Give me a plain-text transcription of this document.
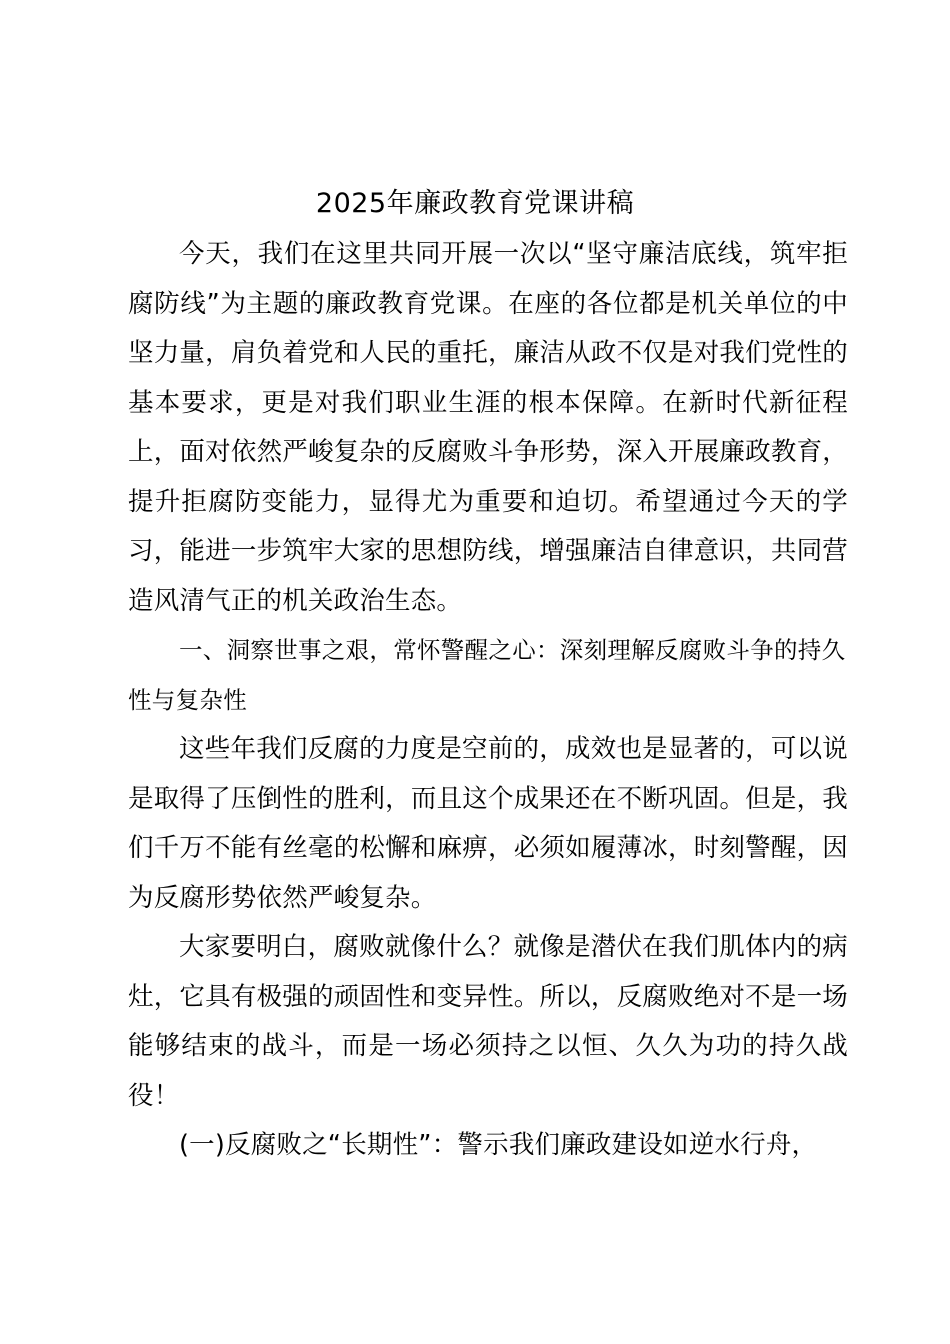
2025年廉政教育党课讲稿

今天，我们在这里共同开展一次以“坚守廉洁底线，筑牢拒腐防线”为主题的廉政教育党课。在座的各位都是机关单位的中坚力量，肩负着党和人民的重托，廉洁从政不仅是对我们党性的基本要求，更是对我们职业生涯的根本保障。在新时代新征程上，面对依然严峻复杂的反腐败斗争形势，深入开展廉政教育，提升拒腐防变能力，显得尤为重要和迫切。希望通过今天的学习，能进一步筑牢大家的思想防线，增强廉洁自律意识，共同营造风清气正的机关政治生态。

一、洞察世事之艰，常怀警醒之心：深刻理解反腐败斗争的持久性与复杂性

这些年我们反腐的力度是空前的，成效也是显著的，可以说是取得了压倒性的胜利，而且这个成果还在不断巩固。但是，我们千万不能有丝毫的松懈和麻痹，必须如履薄冰，时刻警醒，因为反腐形势依然严峻复杂。

大家要明白，腐败就像什么？就像是潜伏在我们肌体内的病灶，它具有极强的顽固性和变异性。所以，反腐败绝对不是一场能够结束的战斗，而是一场必须持之以恒、久久为功的持久战役！

(一)反腐败之“长期性”：警示我们廉政建设如逆水行舟，
